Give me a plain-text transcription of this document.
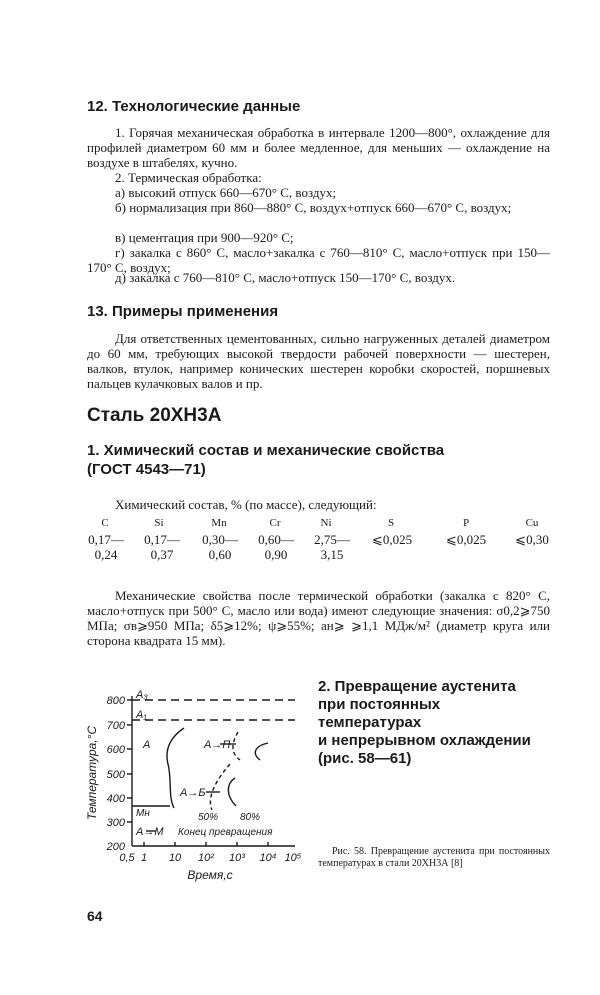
12. Технологические данные
1. Горячая механическая обработка в интервале 1200—800°, охлаждение для профилей диаметром 60 мм и более медленное, для меньших — охлаждение на воздухе в штабелях, кучно.
2. Термическая обработка:
а) высокий отпуск 660—670° С, воздух;
б) нормализация при 860—880° С, воздух+отпуск 660—670° С, воздух;
в) цементация при 900—920° С;
г) закалка с 860° С, масло+закалка с 760—810° С, масло+отпуск при 150—170° С, воздух;
д) закалка с 760—810° С, масло+отпуск 150—170° С, воздух.
13. Примеры применения
Для ответственных цементованных, сильно нагруженных деталей диаметром до 60 мм, требующих высокой твердости рабочей поверхности — шестерен, валков, втулок, например конических шестерен коробки скоростей, поршневых пальцев кулачковых валов и пр.
Сталь 20ХН3А
1. Химический состав и механические свойства
(ГОСТ 4543—71)
Химический состав, % (по массе), следующий:
C	Si	Mn	Cr	Ni	S	P	Cu
0,17—	0,17—	0,30—	0,60—	2,75—	⩽0,025	⩽0,025	⩽0,30
0,24	0,37	0,60	0,90	3,15
Механические свойства после термической обработки (закалка с 820° С, масло+отпуск при 500° С, масло или вода) имеют следующие значения: σ0,2⩾750 МПа; σв⩾950 МПа; δ5⩾12%; ψ⩾55%; aн⩾ ⩾1,1 МДж/м² (диаметр круга или сторона квадрата 15 мм).
2. Превращение аустенита
при постоянных
температурах
и непрерывном охлаждении
(рис. 58—61)
800
700
600
500
400
300
200
0,5 1 10 10² 10³ 10⁴ 10⁵
Время,с
Температура,°С
A₃
A₁
A	A→П
A→Б
50% 80%
Mн
A→M Конец превращения
Рис. 58. Превращение аустенита при постоянных температурах в стали 20ХН3А [8]
64
